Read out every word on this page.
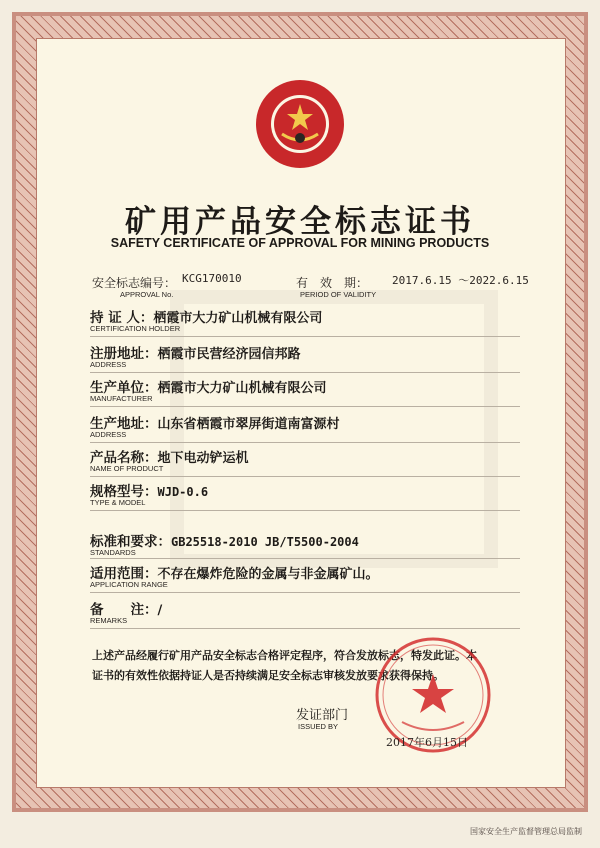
矿用产品安全标志证书
SAFETY CERTIFICATE OF APPROVAL FOR MINING PRODUCTS
安全标志编号：
APPROVAL No.
KCG170010	有　效　期：
PERIOD OF VALIDITY
2017.6.15 ～2022.6.15
持 证 人：栖霞市大力矿山机械有限公司
CERTIFICATION HOLDER
注册地址：栖霞市民营经济园信邦路
ADDRESS
生产单位：栖霞市大力矿山机械有限公司
MANUFACTURER
生产地址：山东省栖霞市翠屏街道南富源村
ADDRESS
产品名称：地下电动铲运机
NAME OF PRODUCT
规格型号：WJD-0.6
TYPE & MODEL
标准和要求：GB25518-2010 JB/T5500-2004
STANDARDS
适用范围：不存在爆炸危险的金属与非金属矿山。
APPLICATION RANGE
备　　注：/
REMARKS
上述产品经履行矿用产品安全标志合格评定程序，符合发放标志，特发此证。本
证书的有效性依据持证人是否持续满足安全标志审核发放要求获得保持。
发证部门
ISSUED BY
2017年6月15日
国家安全生产监督管理总局监制
